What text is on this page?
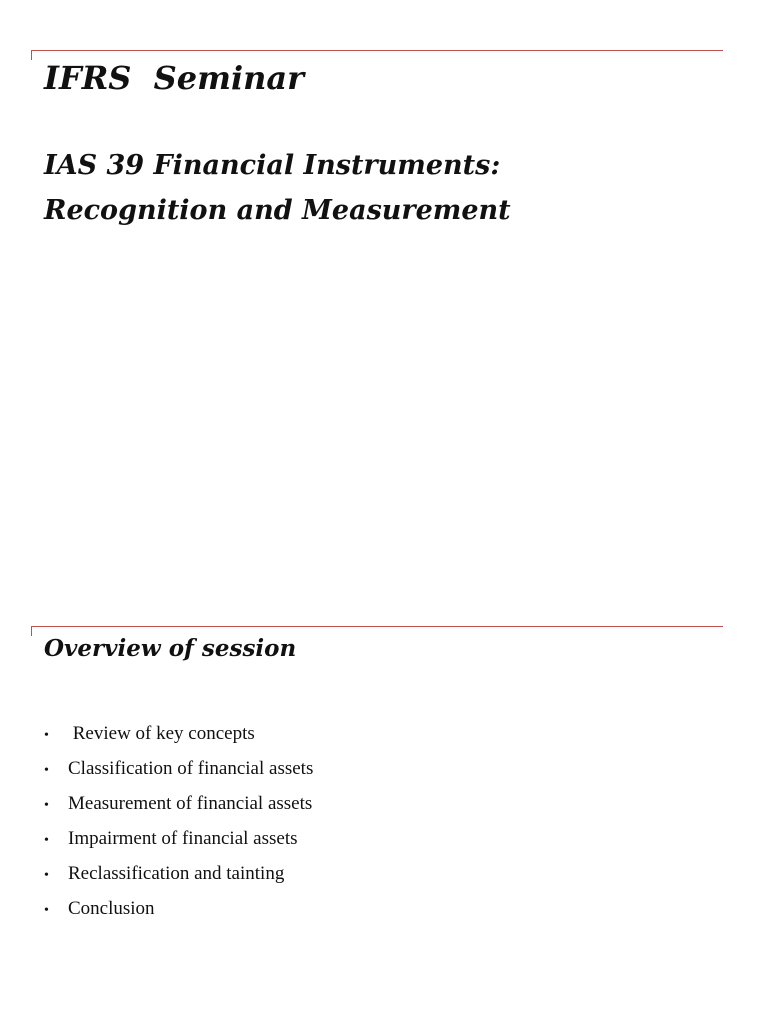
IFRS  Seminar
IAS 39 Financial Instruments:
Recognition and Measurement
Overview of session
• Review of key concepts
• Classification of financial assets
• Measurement of financial assets
• Impairment of financial assets
• Reclassification and tainting
• Conclusion
